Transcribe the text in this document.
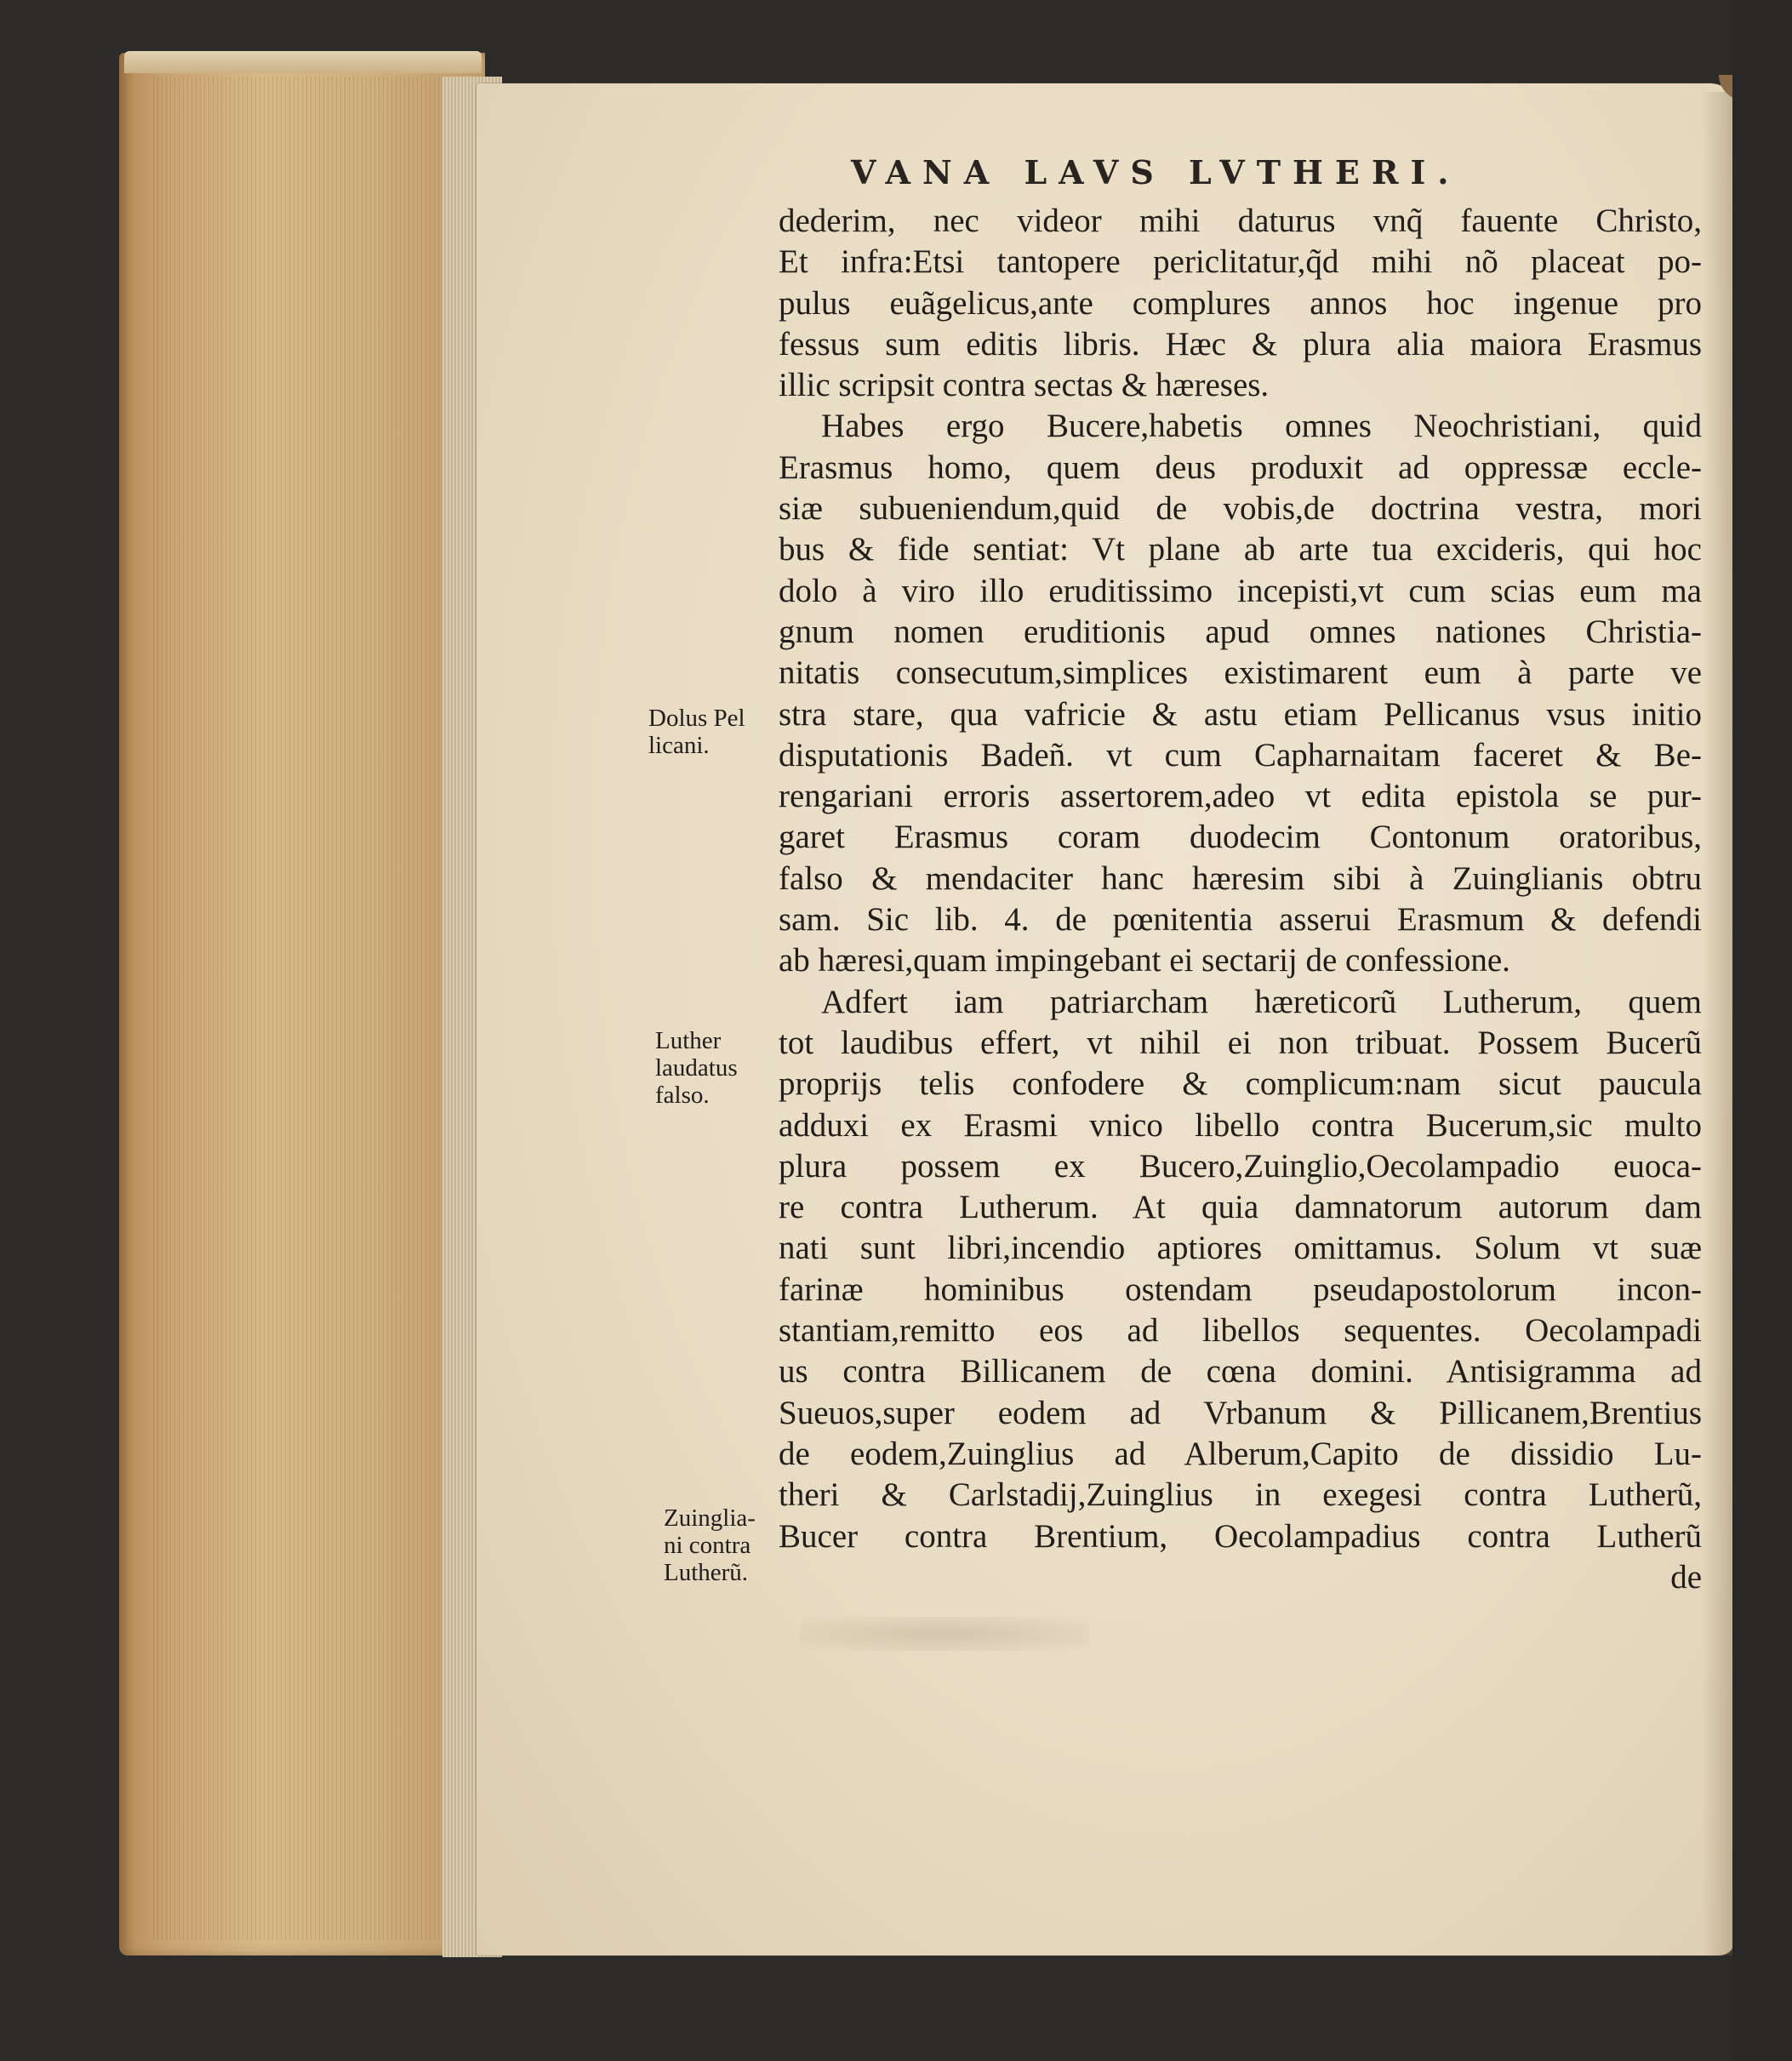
VANA LAVS LVTHERI.
dederim, nec videor mihi daturus vnq̃ fauente Christo,
Et infra:Etsi tantopere periclitatur,q̃d mihi nõ placeat po-
pulus euãgelicus,ante complures annos hoc ingenue pro
fessus sum editis libris. Hæc & plura alia maiora Erasmus
illic scripsit contra sectas & hæreses.
Habes ergo Bucere,habetis omnes Neochristiani, quid
Erasmus homo, quem deus produxit ad oppressæ eccle-
siæ subueniendum,quid de vobis,de doctrina vestra, mori
bus & fide sentiat: Vt plane ab arte tua excideris, qui hoc
dolo à viro illo eruditissimo incepisti,vt cum scias eum ma
gnum nomen eruditionis apud omnes nationes Christia-
nitatis consecutum,simplices existimarent eum à parte ve
stra stare, qua vafricie & astu etiam Pellicanus vsus initio
disputationis Badeñ. vt cum Capharnaitam faceret & Be-
rengariani erroris assertorem,adeo vt edita epistola se pur-
garet Erasmus coram duodecim Contonum oratoribus,
falso & mendaciter hanc hæresim sibi à Zuinglianis obtru
sam. Sic lib. 4. de pœnitentia asserui Erasmum & defendi
ab hæresi,quam impingebant ei sectarij de confessione.
Adfert iam patriarcham hæreticorũ Lutherum, quem
tot laudibus effert, vt nihil ei non tribuat. Possem Bucerũ
proprijs telis confodere & complicum:nam sicut paucula
adduxi ex Erasmi vnico libello contra Bucerum,sic multo
plura possem ex Bucero,Zuinglio,Oecolampadio euoca-
re contra Lutherum. At quia damnatorum autorum dam
nati sunt libri,incendio aptiores omittamus. Solum vt suæ
farinæ hominibus ostendam pseudapostolorum incon-
stantiam,remitto eos ad libellos sequentes. Oecolampadi
us contra Billicanem de cœna domini. Antisigramma ad
Sueuos,super eodem ad Vrbanum & Pillicanem,Brentius
de eodem,Zuinglius ad Alberum,Capito de dissidio Lu-
theri & Carlstadij,Zuinglius in exegesi contra Lutherũ,
Bucer contra Brentium, Oecolampadius contra Lutherũ
de
Dolus Pel
licani.
Luther
laudatus
falso.
Zuinglia-
ni contra
Lutherũ.
